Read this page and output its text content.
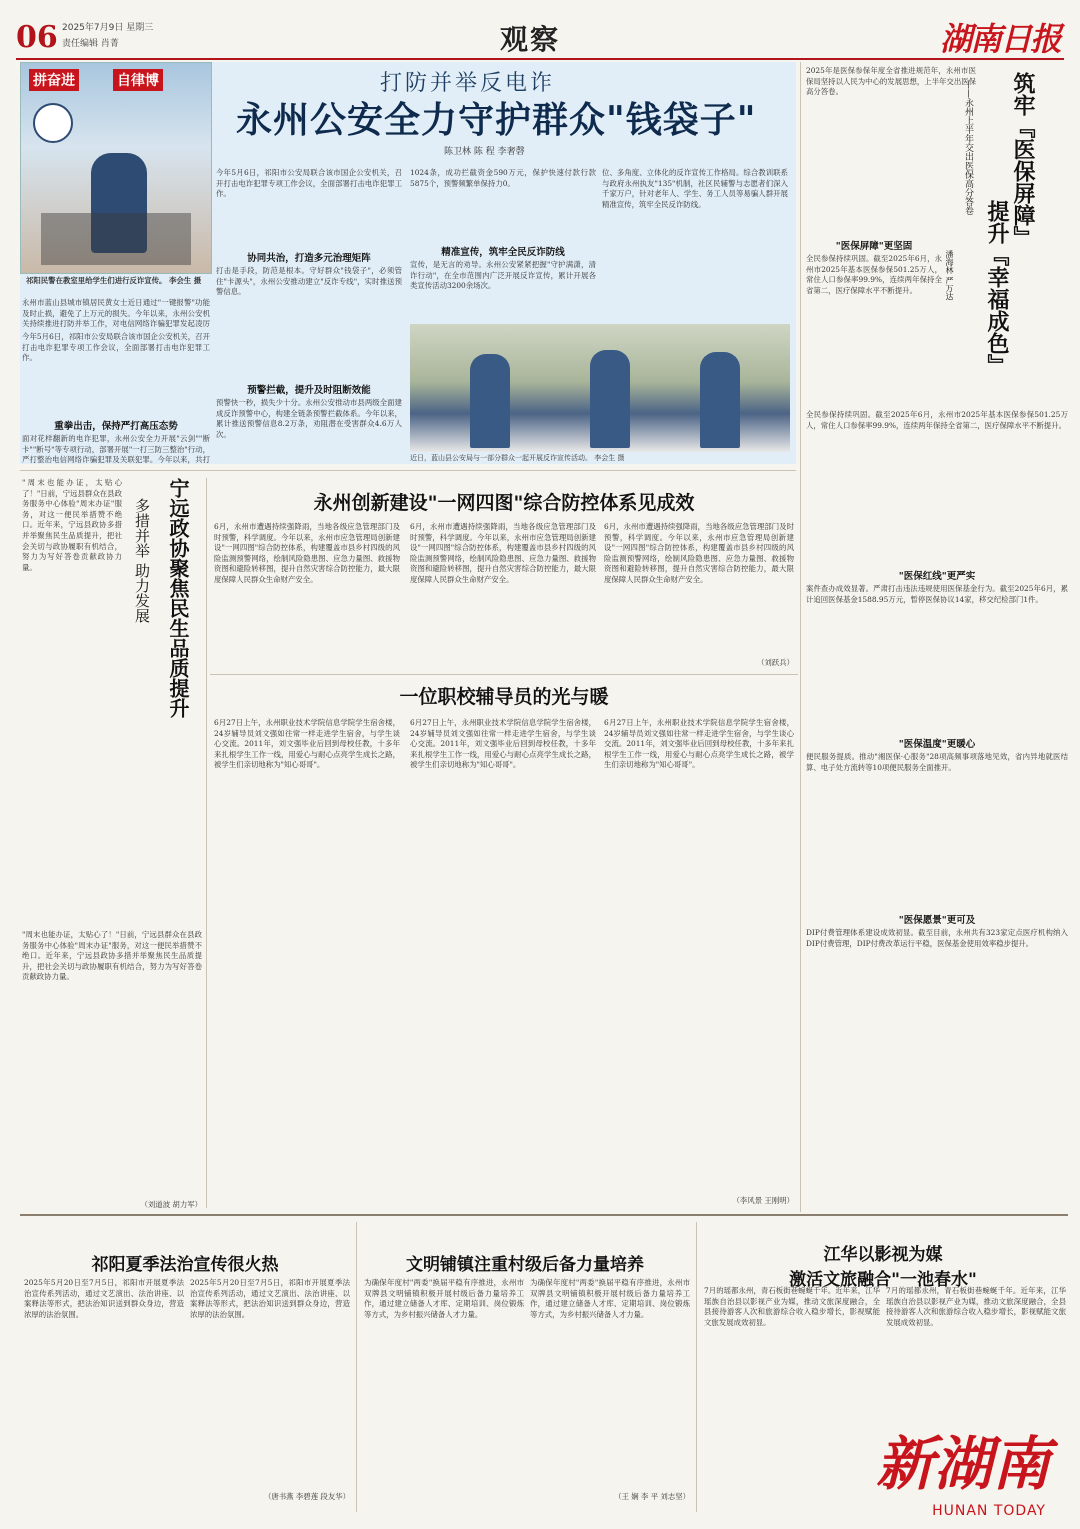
06 2025年7月9日 星期三
责任编辑 肖菁	观察	湖南日报
拼奋进	自律博
祁阳民警在教室里给学生们进行反诈宣传。 李会生 摄
打防并举反电诈
永州公安全力守护群众"钱袋子"
陈卫林 陈 程 李奢磬
永州市蓝山县城市镇居民黄女士近日通过"一键报警"功能及时止损，避免了上万元的损失。今年以来，永州公安机关持续推进打防并举工作，对电信网络诈骗犯罪发起凌厉
重拳出击，保持严打高压态势
面对花样翻新的电诈犯罪，永州公安全力开展"云剑""断卡""断号"等专项行动，部署开展"一打三防三整治"行动，严打整治电信网络诈骗犯罪及关联犯罪。今年以来，共打
今年5月6日，祁阳市公安局联合该市国企公安机关，召开打击电诈犯罪专项工作会议，全面部署打击电诈犯罪工作。
今年5月6日，祁阳市公安局联合该市国企公安机关，召开打击电诈犯罪专项工作会议，全面部署打击电诈犯罪工作。
协同共治，打造多元治理矩阵
打击是手段，防范是根本。守好群众"钱袋子"，必须管住"卡源头"，永州公安推动建立"反诈专线"，实时推送预警信息。
预警拦截，提升及时阻断效能
预警快一秒，损失少十分。永州公安推动市县两级全面建成反诈预警中心，构建全链条预警拦截体系。今年以来，累计推送预警信息8.2万条，劝阻潜在受害群众4.6万人次。
1024条，成功拦截资金590万元，保护快速付款行款5875个，预警频繁单保持力0。
精准宣传，筑牢全民反诈防线
宣传，是无言的劝导。永州公安紧紧把握"守护满潇，清诈行动"，在全市范围内广泛开展反诈宣传，累计开展各类宣传活动3200余场次。
位、多角度、立体化的反诈宣传工作格局。综合教训联系与政府永州执友"135"机制，社区民辅警与志愿者们深入千家万户，针对老年人、学生、务工人员等易骗人群开展精准宣传，筑牢全民反诈防线。
近日，蓝山县公安局与一部分群众一起开展反诈宣传活动。 李会生 摄
2025年是医保参保年度全省推进规范年，永州市医保局坚持以人民为中心的发展思想，上半年交出医保高分答卷。	筑牢『医保屏障』
提升『幸福成色』
——永州上半年交出医保高分答卷
潘海林 严万达
"医保屏障"更坚固
全民参保持续巩固。截至2025年6月，永州市2025年基本医保参保501.25万人，常住人口参保率99.9%，连续两年保持全省第二，医疗保障水平不断提升。
全民参保持续巩固。截至2025年6月，永州市2025年基本医保参保501.25万人，常住人口参保率99.9%，连续两年保持全省第二，医疗保障水平不断提升。
"医保红线"更严实
案件查办成效显著。严肃打击违法违规使用医保基金行为。截至2025年6月，累计追回医保基金1588.95万元，暂停医保协议14家，移交纪检部门1件。
"医保温度"更暖心
便民服务提质。推动"湘医保·心服务"28项高频事项落地见效，省内异地就医结算、电子处方流转等10项便民服务全面推开。
"医保愿景"更可及
DIP付费管理体系建设成效初显。截至目前，永州共有323家定点医疗机构纳入DIP付费管理，DIP付费改革运行平稳，医保基金使用效率稳步提升。
宁远政协聚焦民生品质提升
多措并举 助力发展
"周末也能办证，太贴心了！"日前，宁远县群众在县政务服务中心体验"周末办证"服务，对这一便民举措赞不绝口。近年来，宁远县政协多措并举聚焦民生品质提升，把社会关切与政协履职有机结合，努力为写好答卷贡献政协力量。
"周末也能办证，太贴心了！"日前，宁远县群众在县政务服务中心体验"周末办证"服务，对这一便民举措赞不绝口。近年来，宁远县政协多措并举聚焦民生品质提升，把社会关切与政协履职有机结合，努力为写好答卷贡献政协力量。
（刘道波 胡力军）
永州创新建设"一网四图"综合防控体系见成效
6月，永州市遭遇持续强降雨，当地各级应急管理部门及时预警，科学调度。今年以来，永州市应急管理局创新建设"一网四图"综合防控体系，构建覆盖市县乡村四级的风险监测预警网络，绘制风险隐患图、应急力量图、救援物资图和避险转移图，提升自然灾害综合防控能力，最大限度保障人民群众生命财产安全。
6月，永州市遭遇持续强降雨，当地各级应急管理部门及时预警，科学调度。今年以来，永州市应急管理局创新建设"一网四图"综合防控体系，构建覆盖市县乡村四级的风险监测预警网络，绘制风险隐患图、应急力量图、救援物资图和避险转移图，提升自然灾害综合防控能力，最大限度保障人民群众生命财产安全。
6月，永州市遭遇持续强降雨，当地各级应急管理部门及时预警，科学调度。今年以来，永州市应急管理局创新建设"一网四图"综合防控体系，构建覆盖市县乡村四级的风险监测预警网络，绘制风险隐患图、应急力量图、救援物资图和避险转移图，提升自然灾害综合防控能力，最大限度保障人民群众生命财产安全。
（刘跃兵）
一位职校辅导员的光与暖
6月27日上午，永州职业技术学院信息学院学生宿舍楼，24岁辅导员刘文强如往常一样走进学生宿舍，与学生谈心交流。2011年，刘文强毕业后回到母校任教，十多年来扎根学生工作一线，用爱心与耐心点亮学生成长之路，被学生们亲切地称为"知心哥哥"。
6月27日上午，永州职业技术学院信息学院学生宿舍楼，24岁辅导员刘文强如往常一样走进学生宿舍，与学生谈心交流。2011年，刘文强毕业后回到母校任教，十多年来扎根学生工作一线，用爱心与耐心点亮学生成长之路，被学生们亲切地称为"知心哥哥"。
6月27日上午，永州职业技术学院信息学院学生宿舍楼，24岁辅导员刘文强如往常一样走进学生宿舍，与学生谈心交流。2011年，刘文强毕业后回到母校任教，十多年来扎根学生工作一线，用爱心与耐心点亮学生成长之路，被学生们亲切地称为"知心哥哥"。
（李风景 王刚明）
祁阳夏季法治宣传很火热
2025年5月20日至7月5日，祁阳市开展夏季法治宣传系列活动，通过文艺演出、法治讲座、以案释法等形式，把法治知识送到群众身边，营造浓厚的法治氛围。
2025年5月20日至7月5日，祁阳市开展夏季法治宣传系列活动，通过文艺演出、法治讲座、以案释法等形式，把法治知识送到群众身边，营造浓厚的法治氛围。
（唐书燕 李碧莲 段友华）
文明铺镇注重村级后备力量培养
为确保年度村"两委"换届平稳有序推进，永州市双牌县文明铺镇积极开展村级后备力量培养工作，通过建立储备人才库、定期培训、岗位锻炼等方式，为乡村振兴储备人才力量。
为确保年度村"两委"换届平稳有序推进，永州市双牌县文明铺镇积极开展村级后备力量培养工作，通过建立储备人才库、定期培训、岗位锻炼等方式，为乡村振兴储备人才力量。
（王 娴 李 平 刘志坚）
江华以影视为媒
激活文旅融合"一池春水"
7月的瑶都永州，青石板街巷蜿蜒千年。近年来，江华瑶族自治县以影视产业为媒，推动文旅深度融合，全县接待游客人次和旅游综合收入稳步增长，影视赋能文旅发展成效初显。
7月的瑶都永州，青石板街巷蜿蜒千年。近年来，江华瑶族自治县以影视产业为媒，推动文旅深度融合，全县接待游客人次和旅游综合收入稳步增长，影视赋能文旅发展成效初显。
新湖南
HUNAN TODAY
